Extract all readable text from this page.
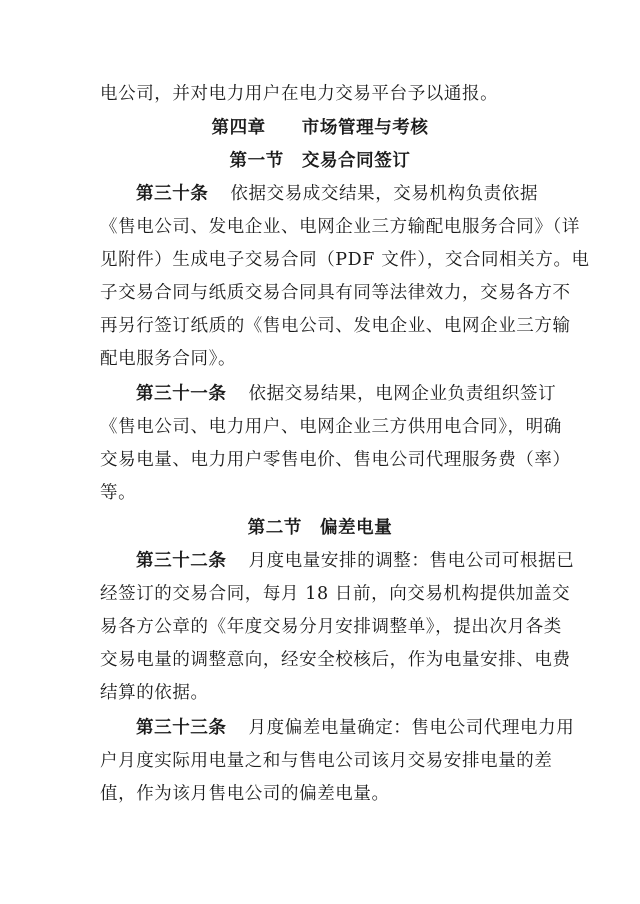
电公司，并对电力用户在电力交易平台予以通报。
第四章 市场管理与考核
第一节 交易合同签订
第三十条 依据交易成交结果，交易机构负责依据
《售电公司、发电企业、电网企业三方输配电服务合同》（详
见附件）生成电子交易合同（PDF 文件），交合同相关方。电
子交易合同与纸质交易合同具有同等法律效力，交易各方不
再另行签订纸质的《售电公司、发电企业、电网企业三方输
配电服务合同》。
第三十一条 依据交易结果，电网企业负责组织签订
《售电公司、电力用户、电网企业三方供用电合同》，明确
交易电量、电力用户零售电价、售电公司代理服务费（率）
等。
第二节 偏差电量
第三十二条 月度电量安排的调整：售电公司可根据已
经签订的交易合同，每月 18 日前，向交易机构提供加盖交
易各方公章的《年度交易分月安排调整单》，提出次月各类
交易电量的调整意向，经安全校核后，作为电量安排、电费
结算的依据。
第三十三条 月度偏差电量确定：售电公司代理电力用
户月度实际用电量之和与售电公司该月交易安排电量的差
值，作为该月售电公司的偏差电量。
